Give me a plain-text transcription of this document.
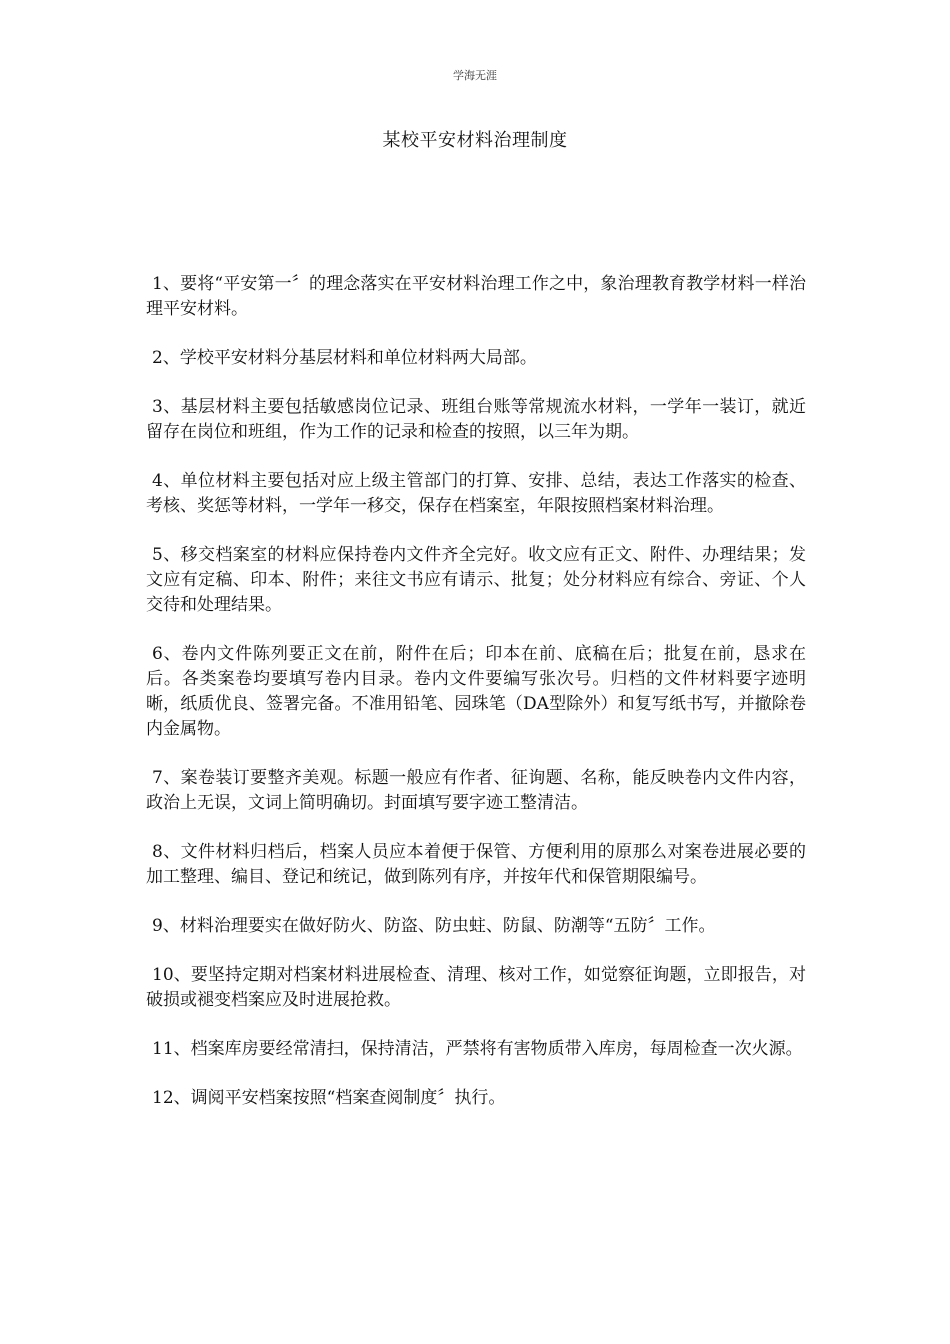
学海无涯
某校平安材料治理制度

1、要将“平安第一〞的理念落实在平安材料治理工作之中，象治理教育教学材料一样治理平安材料。

2、学校平安材料分基层材料和单位材料两大局部。

3、基层材料主要包括敏感岗位记录、班组台账等常规流水材料，一学年一装订，就近留存在岗位和班组，作为工作的记录和检查的按照，以三年为期。

4、单位材料主要包括对应上级主管部门的打算、安排、总结，表达工作落实的检查、考核、奖惩等材料，一学年一移交，保存在档案室，年限按照档案材料治理。

5、移交档案室的材料应保持卷内文件齐全完好。收文应有正文、附件、办理结果；发文应有定稿、印本、附件；来往文书应有请示、批复；处分材料应有综合、旁证、个人交待和处理结果。

6、卷内文件陈列要正文在前，附件在后；印本在前、底稿在后；批复在前，恳求在后。各类案卷均要填写卷内目录。卷内文件要编写张次号。归档的文件材料要字迹明晰，纸质优良、签署完备。不准用铅笔、园珠笔（DA型除外）和复写纸书写，并撤除卷内金属物。

7、案卷装订要整齐美观。标题一般应有作者、征询题、名称，能反映卷内文件内容，政治上无误，文词上简明确切。封面填写要字迹工整清洁。

8、文件材料归档后，档案人员应本着便于保管、方便利用的原那么对案卷进展必要的加工整理、编目、登记和统记，做到陈列有序，并按年代和保管期限编号。

9、材料治理要实在做好防火、防盗、防虫蛀、防鼠、防潮等“五防〞工作。

10、要坚持定期对档案材料进展检查、清理、核对工作，如觉察征询题，立即报告，对破损或褪变档案应及时进展抢救。

11、档案库房要经常清扫，保持清洁，严禁将有害物质带入库房，每周检查一次火源。

12、调阅平安档案按照“档案查阅制度〞执行。
